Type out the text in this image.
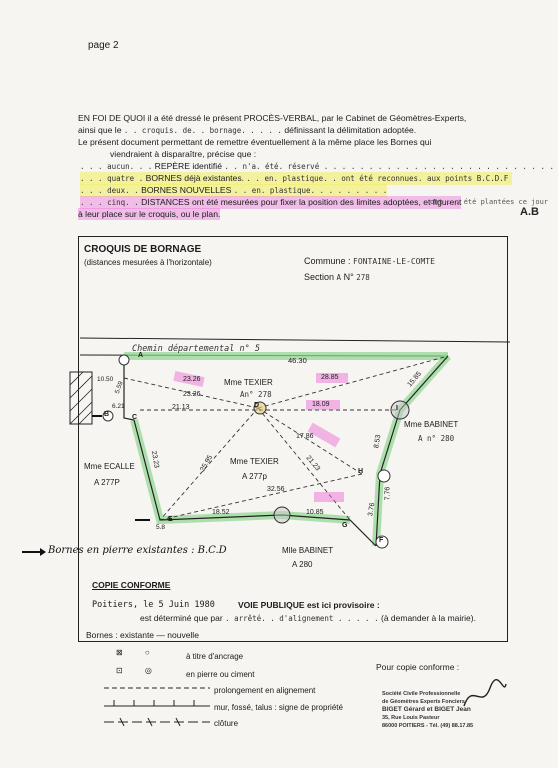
page 2
EN FOI DE QUOI il a été dressé le présent PROCÈS-VERBAL, par le Cabinet de Géomètres-Experts,
ainsi que le . . croquis. de. . bornage. . . . . définissant la délimitation adoptée.
Le présent document permettant de remettre éventuellement à la même place les Bornes qui
viendraient à disparaître, précise que :
. . . aucun. . . REPÈRE identifié . . n'a. été. réservé . . . . . . . . . . . . . . . . . . . . . . . . . .
. . . quatre . BORNES déjà existantes. . . en. plastique. . ont été reconnues. aux points B.C.D.F
. . . deux. . BORNES NOUVELLES . . en. plastique. . . . . . . . .
. . . cinq. . DISTANCES ont été mesurées pour fixer la position des limites adoptées, et figurent
à leur place sur le croquis, ou le plan.
ont . . été plantées ce jour
A.B
CROQUIS DE BORNAGE
(distances mesurées à l'horizontale)	Commune : FONTAINE-LE-COMTE
Section A N° 278
Chemin départemental n° 5
46.30
23.26
23.26
21.13
28.85
18.09
17.86
25.95	21.23
32.56
18.52	10.85
23.23
8.53
15.85
7.76
3.76
10.50
5.59
6.21
5.8
Mme TEXIER
An° 278
Mme TEXIER
A 277p
Mme ECALLE
A 277P
Mme BABINET
A n° 280
Mlle BABINET
A 280
A
B	C
D
E
F
G
H
I
Bornes en pierre existantes : B.C.D
COPIE CONFORME
Poitiers, le 5 Juin 1980	VOIE PUBLIQUE est ici provisoire :
est déterminé que par . arrêté. . d'alignement . . . . . (à demander à la mairie).
Bornes : existante — nouvelle
⊠          ○	à titre d'ancrage
⊡          ◎	en pierre ou ciment
prolongement en alignement
mur, fossé, talus : signe de propriété
clôture
Pour copie conforme :
Société Civile Professionnelle
de Géomètres Experts Fonciers
BIGET Gérard et BIGET Jean
35, Rue Louis Pasteur
86000 POITIERS - Tél. (49) 88.17.85
